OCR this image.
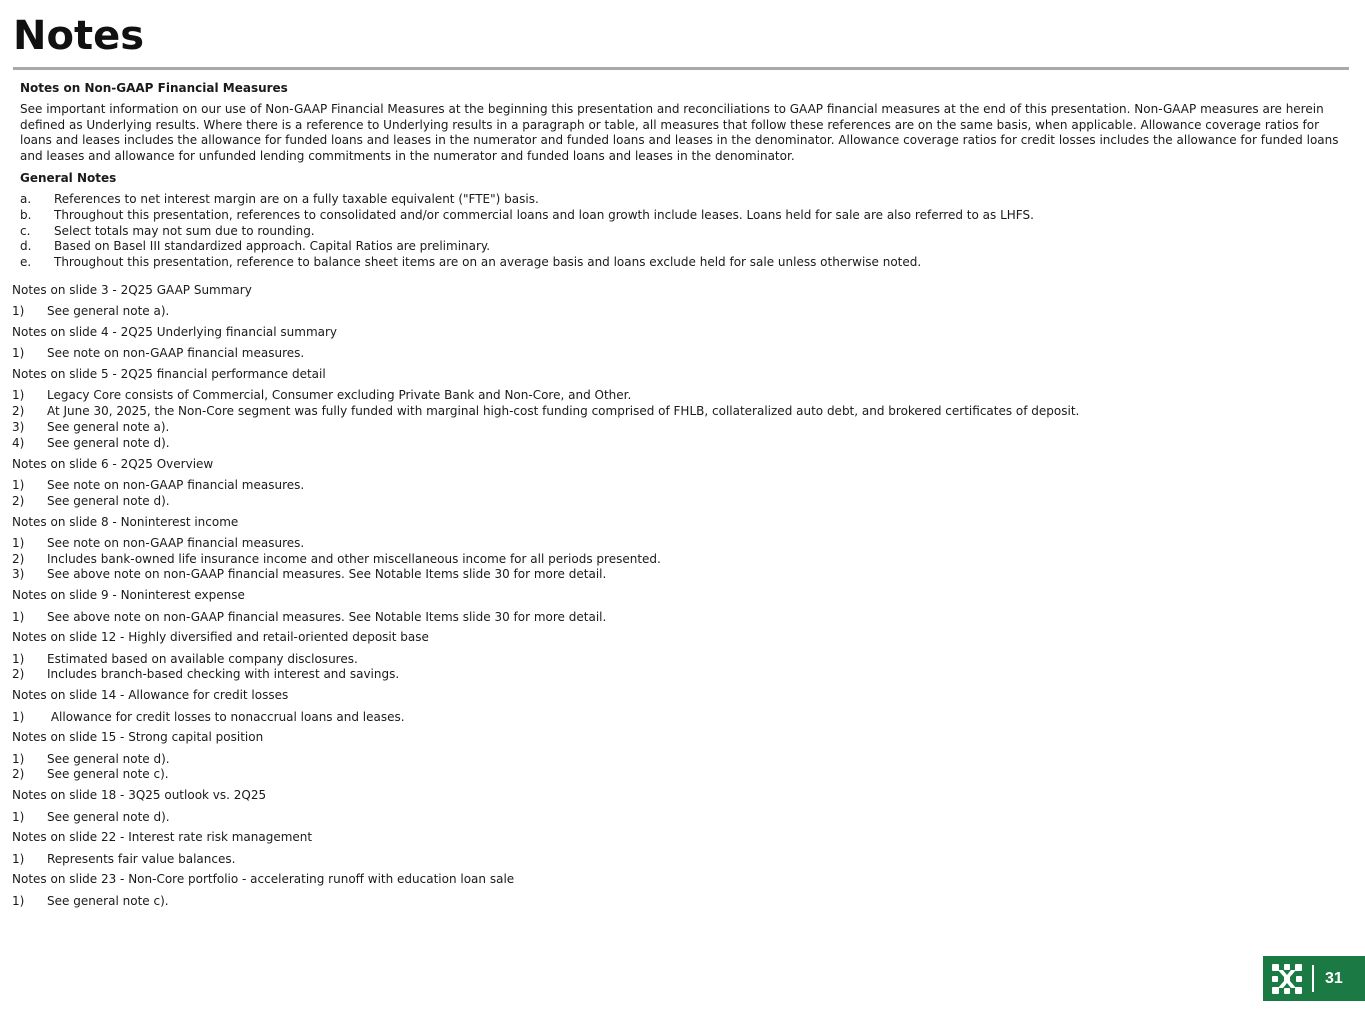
Notes
Notes on Non-GAAP Financial Measures
See important information on our use of Non-GAAP Financial Measures at the beginning this presentation and reconciliations to GAAP financial measures at the end of this presentation. Non-GAAP measures are herein
defined as Underlying results. Where there is a reference to Underlying results in a paragraph or table, all measures that follow these references are on the same basis, when applicable. Allowance coverage ratios for
loans and leases includes the allowance for funded loans and leases in the numerator and funded loans and leases in the denominator. Allowance coverage ratios for credit losses includes the allowance for funded loans
and leases and allowance for unfunded lending commitments in the numerator and funded loans and leases in the denominator.
General Notes
a.	References to net interest margin are on a fully taxable equivalent ("FTE") basis.
b.	Throughout this presentation, references to consolidated and/or commercial loans and loan growth include leases. Loans held for sale are also referred to as LHFS.
c.	Select totals may not sum due to rounding.
d.	Based on Basel III standardized approach. Capital Ratios are preliminary.
e.	Throughout this presentation, reference to balance sheet items are on an average basis and loans exclude held for sale unless otherwise noted.
Notes on slide 3 - 2Q25 GAAP Summary
1)	See general note a).
Notes on slide 4 - 2Q25 Underlying financial summary
1)	See note on non-GAAP financial measures.
Notes on slide 5 - 2Q25 financial performance detail
1)	Legacy Core consists of Commercial, Consumer excluding Private Bank and Non-Core, and Other.
2)	At June 30, 2025, the Non-Core segment was fully funded with marginal high-cost funding comprised of FHLB, collateralized auto debt, and brokered certificates of deposit.
3)	See general note a).
4)	See general note d).
Notes on slide 6 - 2Q25 Overview
1)	See note on non-GAAP financial measures.
2)	See general note d).
Notes on slide 8 - Noninterest income
1)	See note on non-GAAP financial measures.
2)	Includes bank-owned life insurance income and other miscellaneous income for all periods presented.
3)	See above note on non-GAAP financial measures. See Notable Items slide 30 for more detail.
Notes on slide 9 - Noninterest expense
1)	See above note on non-GAAP financial measures. See Notable Items slide 30 for more detail.
Notes on slide 12 - Highly diversified and retail-oriented deposit base
1)	Estimated based on available company disclosures.
2)	Includes branch-based checking with interest and savings.
Notes on slide 14 - Allowance for credit losses
1)	Allowance for credit losses to nonaccrual loans and leases.
Notes on slide 15 - Strong capital position
1)	See general note d).
2)	See general note c).
Notes on slide 18 - 3Q25 outlook vs. 2Q25
1)	See general note d).
Notes on slide 22 - Interest rate risk management
1)	Represents fair value balances.
Notes on slide 23 - Non-Core portfolio - accelerating runoff with education loan sale
1)	See general note c).
31
